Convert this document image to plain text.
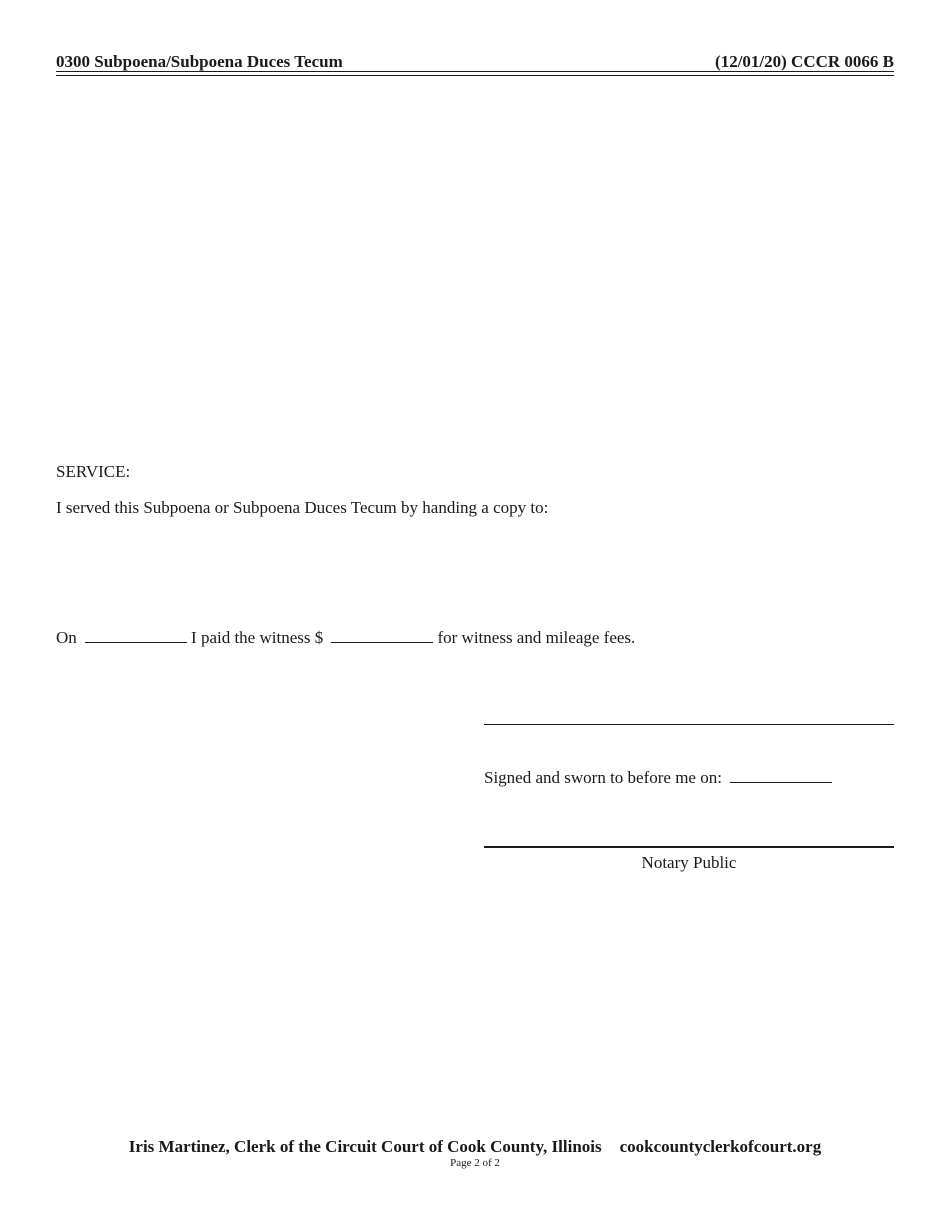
0300 Subpoena/Subpoena Duces Tecum	(12/01/20) CCCR 0066 B
SERVICE:
I served this Subpoena or Subpoena Duces Tecum by handing a copy to:
On	I paid the witness $	for witness and mileage fees.
Signed and sworn to before me on:
Notary Public
Iris Martinez, Clerk of the Circuit Court of Cook County, Illinois cookcountyclerkofcourt.org
Page 2 of 2
